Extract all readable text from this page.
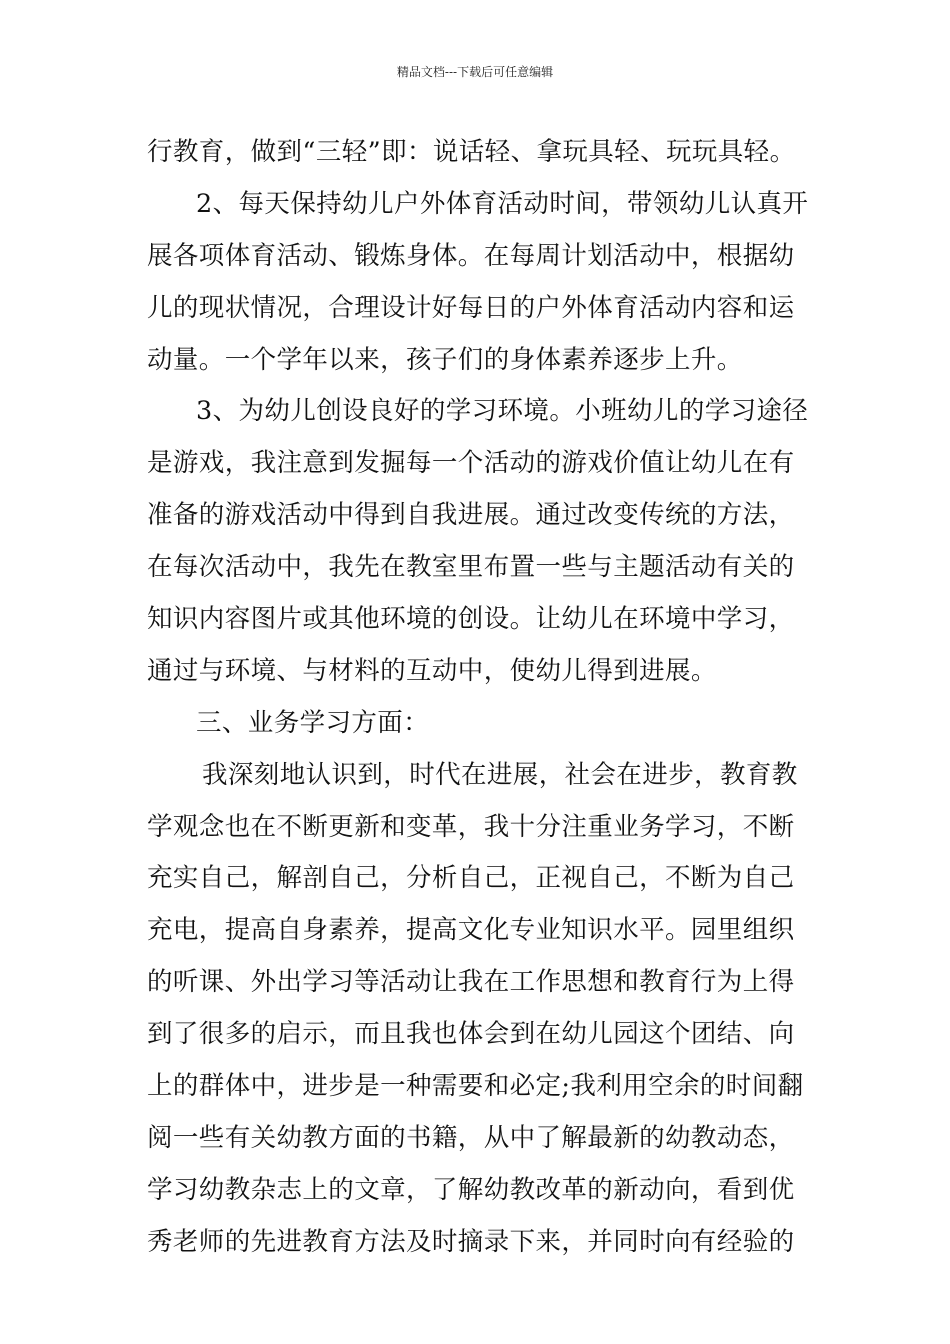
精品文档---下载后可任意编辑
行教育，做到“三轻”即：说话轻、拿玩具轻、玩玩具轻。
2、每天保持幼儿户外体育活动时间，带领幼儿认真开
展各项体育活动、锻炼身体。在每周计划活动中，根据幼
儿的现状情况，合理设计好每日的户外体育活动内容和运
动量。一个学年以来，孩子们的身体素养逐步上升。
3、为幼儿创设良好的学习环境。小班幼儿的学习途径
是游戏，我注意到发掘每一个活动的游戏价值让幼儿在有
准备的游戏活动中得到自我进展。通过改变传统的方法，
在每次活动中，我先在教室里布置一些与主题活动有关的
知识内容图片或其他环境的创设。让幼儿在环境中学习，
通过与环境、与材料的互动中，使幼儿得到进展。
三、业务学习方面：
我深刻地认识到，时代在进展，社会在进步，教育教
学观念也在不断更新和变革，我十分注重业务学习，不断
充实自己，解剖自己，分析自己，正视自己，不断为自己
充电，提高自身素养，提高文化专业知识水平。园里组织
的听课、外出学习等活动让我在工作思想和教育行为上得
到了很多的启示，而且我也体会到在幼儿园这个团结、向
上的群体中，进步是一种需要和必定;我利用空余的时间翻
阅一些有关幼教方面的书籍，从中了解最新的幼教动态，
学习幼教杂志上的文章，了解幼教改革的新动向，看到优
秀老师的先进教育方法及时摘录下来，并同时向有经验的
